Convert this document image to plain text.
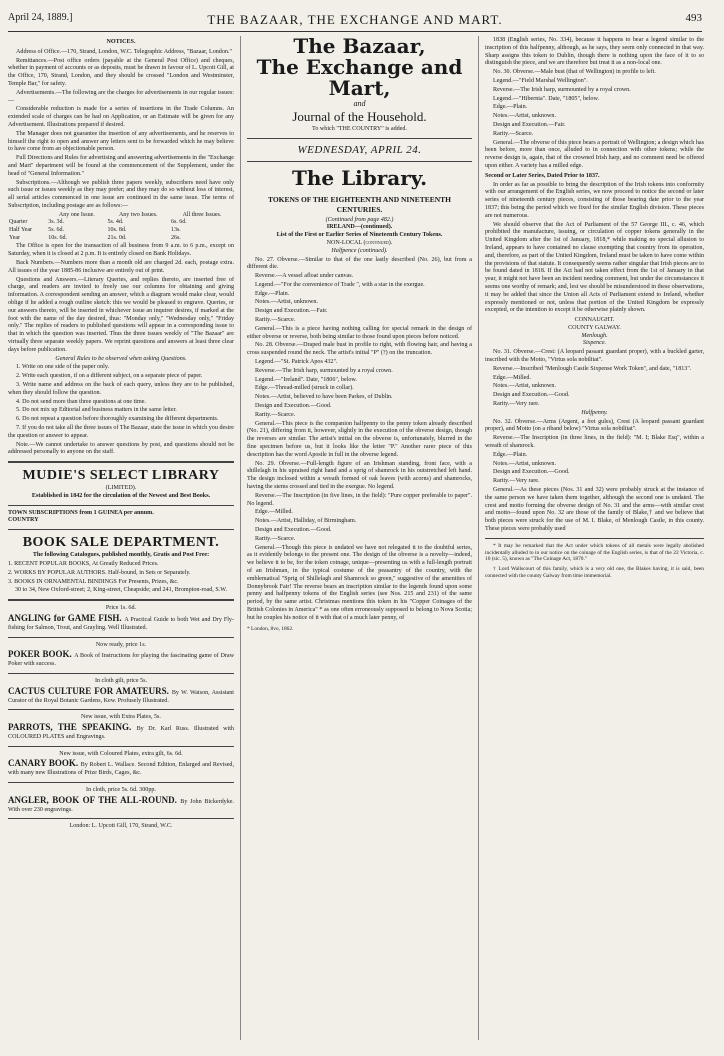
April 24, 1889.]	THE BAZAAR, THE EXCHANGE AND MART.	493
NOTICES.

Address of Office.—170, Strand, London, W.C. Telegraphic Address, "Bazaar, London."

Remittances.—Post office orders (payable at the General Post Office) and cheques, whether in payment of accounts or as deposits, must be drawn in favour of L. Upcott Gill, at the Office, 170, Strand, London, and they should be crossed "London and Westminster, Temple Bar," for safety.

Advertisements.—The following are the charges for advertisements in our regular issues:—

Considerable reduction is made for a series of insertions in the Trade Columns. An extended scale of charges can be had on Application, or an Estimate will be given for any Advertisement. Illustrations prepared if desired.

The Manager does not guarantee the insertion of any advertisements, and he reserves to himself the right to open and answer any letters sent to be forwarded which he may believe to have come from an objectionable person.

Full Directions and Rules for advertising and answering advertisements in the "Exchange and Mart" department will be found at the commencement of the Supplement, under the head of "General Information."

Subscriptions.—Although we publish three papers weekly, subscribers need have only such issue or issues weekly as they may prefer; and they may do so without loss of interest, all serial articles commenced in one issue are continued in the same issue. The terms of Subscription, including postage are as follows:—

	Any one Issue.	Any two Issues.	All three Issues.
Quarter	3s. 3d.	5s. 4d.	6s. 6d.
Half Year	5s. 6d.	10s. 8d.	13s.
Year	10s. 6d.	21s. 0d.	26s.

The Office is open for the transaction of all business from 9 a.m. to 6 p.m., except on Saturday, when it is closed at 2 p.m. It is entirely closed on Bank Holidays.

Back Numbers.—Numbers more than a month old are charged 2d. each, postage extra. All issues of the year 1885-86 inclusive are entirely out of print.

Questions and Answers.—Literary Queries, and replies thereto, are inserted free of charge, and readers are invited to freely use our columns for obtaining and giving information. A correspondent sending an answer, which a diagram would make clear, would oblige if he added a rough outline sketch: this we would be pleased to engrave. Queries, or our answers thereto, will be inserted in whichever issue an inquirer desires, if marked at the foot with the name of the day desired, thus: "Monday only," "Wednesday only," "Friday only." The replies of readers to published questions will appear in a corresponding issue to that in which the question was inserted. Thus the three issues weekly of "The Bazaar" are virtually three separate weekly papers. We reprint questions and answers at least three clear days before publication.

General Rules to be observed when asking Questions.

1. Write on one side of the paper only.

2. Write each question, if on a different subject, on a separate piece of paper.

3. Write name and address on the back of each query, unless they are to be published, when they should follow the question.

4. Do not send more than three questions at one time.

5. Do not mix up Editorial and business matters in the same letter.

6. Do not repeat a question before thoroughly examining the different departments.

7. If you do not take all the three issues of The Bazaar, state the issue in which you desire the question or answer to appear.

Note.—We cannot undertake to answer questions by post, and questions should not be addressed personally to anyone on the staff.

MUDIE'S SELECT LIBRARY
(LIMITED).
Established in 1842 for the circulation of the Newest and Best Books.
TOWN SUBSCRIPTIONS from 1 GUINEA per annum.
COUNTRY
BOOK SALE DEPARTMENT.
The following Catalogues, published monthly, Gratis and Post Free:

1. RECENT POPULAR BOOKS, At Greatly Reduced Prices.

2. WORKS BY POPULAR AUTHORS. Half-bound, in Sets or Separately.

3. BOOKS IN ORNAMENTAL BINDINGS For Presents, Prizes, &c.

30 to 34, New Oxford-street; 2, King-street, Cheapside; and 241, Brompton-road, S.W.
Price 1s. 6d.
ANGLING for GAME FISH. A Practical Guide to both Wet and Dry Fly-fishing for Salmon, Trout, and Grayling. Well Illustrated.
Now ready, price 1s.
POKER BOOK. A Book of Instructions for playing the fascinating game of Draw Poker with success.
In cloth gilt, price 5s.
CACTUS CULTURE FOR AMATEURS. By W. Watson, Assistant Curator of the Royal Botanic Gardens, Kew. Profusely Illustrated.
New issue, with Extra Plates, 5s.
PARROTS, THE SPEAKING. By Dr. Karl Russ. Illustrated with COLOURED PLATES and Engravings.
New issue, with Coloured Plates, extra gilt, 6s. 6d.
CANARY BOOK. By Robert L. Wallace. Second Edition, Enlarged and Revised, with many new Illustrations of Prize Birds, Cages, &c.
In cloth, price 5s. 6d. 300pp.
ANGLER, BOOK OF THE ALL-ROUND. By John Bickerdyke. With over 230 engravings.
London: L. Upcott Gill, 170, Strand, W.C.
The Bazaar,
The Exchange and Mart,
and
Journal of the Household.
To which "THE COUNTRY" is added.
WEDNESDAY, APRIL 24.
The Library.
TOKENS OF THE EIGHTEENTH AND NINETEENTH CENTURIES.
(Continued from page 482.)
IRELAND—(continued).
List of the First or Earlier Series of Nineteenth Century Tokens.
NON-LOCAL (continued).
Halfpence (continued).

No. 27. Obverse.—Similar to that of the one lastly described (No. 26), but from a different die.

Reverse.—A vessel afloat under canvas.

Legend.—"For the convenience of Trade ", with a star in the exergue.

Edge.—Plain.

Notes.—Artist, unknown.

Design and Execution.—Fair.

Rarity.—Scarce.

General.—This is a piece having nothing calling for special remark in the design of either obverse or reverse, both being similar to those found upon pieces before noticed.

No. 28. Obverse.—Draped male bust in profile to right, with flowing hair, and having a cross suspended round the neck. The artist's initial "P" (?) on the truncation.

Legend.—"St. Patrick Apos 432".

Reverse.—The Irish harp, surmounted by a royal crown.

Legend.—"Ireland". Date, "1806", below.

Edge.—Thread-milled (struck in collar).

Notes.—Artist, believed to have been Parkes, of Dublin.

Design and Execution.—Good.

Rarity.—Scarce.

General.—This piece is the companion halfpenny to the penny token already described (No. 21), differing from it, however, slightly in the execution of the obverse design, though the reverses are similar. The artist's initial on the obverse is, unfortunately, blurred in the fine specimen before us, but it looks like the letter "P." Another rarer piece of this description has the word Apostle in full in the obverse legend.

No. 29. Obverse.—Full-length figure of an Irishman standing, front face, with a shillelagh in his upraised right hand and a sprig of shamrock in his outstretched left hand. The design inclosed within a wreath formed of oak leaves (with acorns) and shamrocks, having the stems crossed and tied in the exergue. No legend.

Reverse.—The Inscription (in five lines, in the field): "Pure copper preferable to paper". No legend.

Edge.—Milled.

Notes.—Artist, Halliday, of Birmingham.

Design and Execution.—Good.

Rarity.—Scarce.

General.—Though this piece is undated we have not relegated it to the doubtful series, as it evidently belongs to the present one. The design of the obverse is a novelty—indeed, we believe it to be, for the token coinage, unique—presenting us with a full-length portrait of an Irishman, in the typical costume of the peasantry of the country, with the emblematical "Sprig of Shillelagh and Shamrock so green," suggestive of the amenities of Donnybrook Fair! The reverse bears an inscription similar to the legends found upon some penny and halfpenny tokens of the English series (see Nos. 215 and 231) of the same period, by the same artist. Christmas mentions this token in his "Copper Coinages of the British Colonies in America" * as one often erroneously supposed to belong to Nova Scotia; but he couples his notice of it with that of a much later penny, of

* London, 8vo, 1862.

1838 (English series, No. 334), because it happens to bear a legend similar to the inscription of this halfpenny, although, as he says, they seem only connected in that way. Sharp assigns this token to Dublin, though there is nothing upon the face of it to so distinguish the piece, and we are therefore but treat it as a non-local one.

No. 30. Obverse.—Male bust (that of Wellington) in profile to left.

Legend.—"Field Marshal Wellington".

Reverse.—The Irish harp, surmounted by a royal crown.

Legend.—"Hibernia". Date, "1805", below.

Edge.—Plain.

Notes.—Artist, unknown.

Design and Execution.—Fair.

Rarity.—Scarce.

General.—The obverse of this piece bears a portrait of Wellington; a design which has been before, more than once, alluded to in connection with other tokens; while the reverse design is, again, that of the crowned Irish harp, and no comment need be offered upon either. A variety has a milled edge.

Second or Later Series, Dated Prior to 1837.

In order as far as possible to bring the description of the Irish tokens into conformity with our arrangement of the English series, we now proceed to notice the second or later series of nineteenth century pieces, consisting of those bearing date prior to the year 1837; this being the period which we fixed for the similar English division. These pieces are not numerous.

We should observe that the Act of Parliament of the 57 George III., c. 46, which prohibited the manufacture, issuing, or circulation of copper tokens generally in the United Kingdom after the 1st of January, 1818,* while making no special allusion to Ireland, appears to have contained no clause exempting that country from its operation, and, therefore, as part of the United Kingdom, Ireland must be taken to have come within the provisions of that statute. It consequently seems rather singular that Irish pieces are to be found dated in 1818. If the Act had not taken effect from the 1st of January in that year, it might not have been an incident needing comment, but under the circumstances it seems one worthy of remark; and, lest we should be misunderstood in these observations, it may be added that since the Union all Acts of Parliament extend to Ireland, whether expressly mentioned or not, unless that portion of the United Kingdom be expressly excepted, or the intention to except it be otherwise plainly shown.

CONNAUGHT.
COUNTY GALWAY.
Menlough.
Sixpence.

No. 31. Obverse.—Crest: (A leopard passant guardant proper), with a buckled garter, inscribed with the Motto, "Virtus sola nobilitat".

Reverse.—Inscribed "Menlough Castle Sixpense Work Token", and date, "1813".

Edge.—Milled.

Notes.—Artist, unknown.

Design and Execution.—Good.

Rarity.—Very rare.

Halfpenny.

No. 32. Obverse.—Arms (Argent, a fret gules), Crest (A leopard passant guardant proper), and Motto (on a riband below) "Virtus sola nobilitat".

Reverse.—The Inscription (in three lines, in the field): "M. I; Blake Esq", within a wreath of shamrock.

Edge.—Plain.

Notes.—Artist, unknown.

Design and Execution.—Good.

Rarity.—Very rare.

General.—As these pieces (Nos. 31 and 32) were probably struck at the instance of the same person we have taken them together, although the second one is undated. The crest and motto forming the obverse design of No. 31 and the arms—with similar crest and motto—found upon No. 32 are those of the family of Blake,† and we believe that both pieces were struck for the use of M. I. Blake, of Menlough Castle, in this county. These pieces were probably used

* It may be remarked that the Act under which tokens of all metals were legally abolished incidentally alluded to in our notice on the coinage of the English series, is that of the 22 Victoria, c. 10 (sic. 5), known as "The Coinage Act, 1870."

† Lord Wallscourt of this family, which is a very old one, the Blakes having, it is said, been connected with the county Galway from time immemorial.
